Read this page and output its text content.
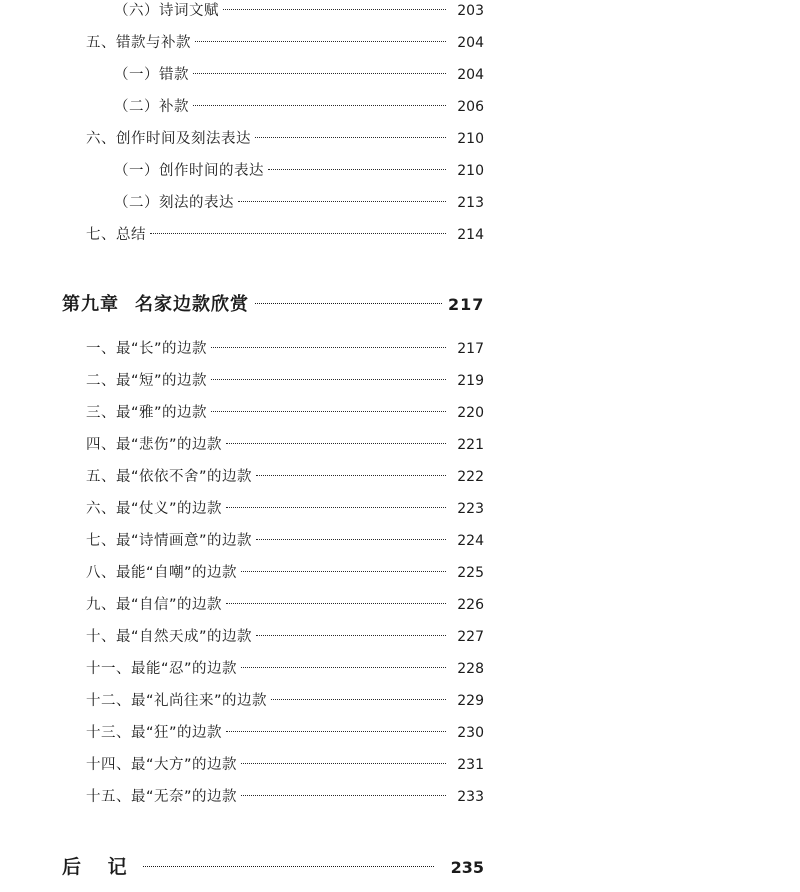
（六）诗词文赋	203
五、错款与补款	204
（一）错款	204
（二）补款	206
六、创作时间及刻法表达	210
（一）创作时间的表达	210
（二）刻法的表达	213
七、总结	214
第九章 名家边款欣赏	217
一、最“长”的边款	217
二、最“短”的边款	219
三、最“雅”的边款	220
四、最“悲伤”的边款	221
五、最“依依不舍”的边款	222
六、最“仗义”的边款	223
七、最“诗情画意”的边款	224
八、最能“自嘲”的边款	225
九、最“自信”的边款	226
十、最“自然天成”的边款	227
十一、最能“忍”的边款	228
十二、最“礼尚往来”的边款	229
十三、最“狂”的边款	230
十四、最“大方”的边款	231
十五、最“无奈”的边款	233
后 记	235
